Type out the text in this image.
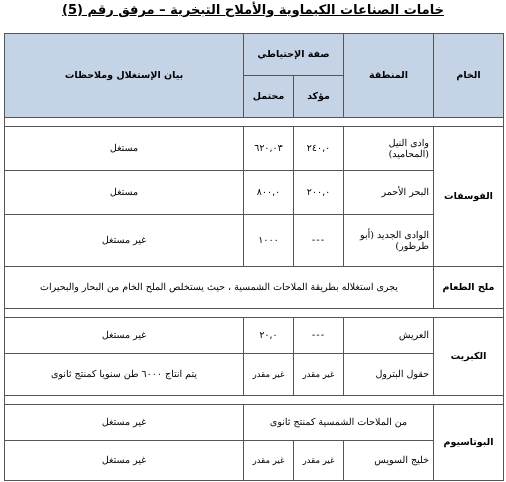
خامات الصناعات الكيماوية والأملاح التبخرية – مرفق رقم (5)
الخام	المنطقة	صفة الإحتياطي		بيان الإستغلال وملاحظات
		مؤكد	محتمل	

الفوسفات	وادى النيل (المحاميد)	٢٤٠,٠	٦٢٠,٠٣	مستغل
	البحر الأحمر	٢٠٠,٠	٨٠٠,٠	مستغل
	الوادى الجديد (أبو طرطور)	---	١٠٠٠	غير مستغل
ملح الطعام	يجرى استغلاله بطريقة الملاحات الشمسية ، حيث يستخلص الملح الخام من البحار والبحيرات			

الكبريت	العريش	---	٢٠,٠	غير مستغل
	حقول البترول	غير مقدر	غير مقدر	يتم انتاج ٦٠٠٠ طن سنويا كمنتج ثانوى

البوتاسيوم	من الملاحات الشمسية كمنتج ثانوى			غير مستغل
	خليج السويس	غير مقدر	غير مقدر	غير مستغل
